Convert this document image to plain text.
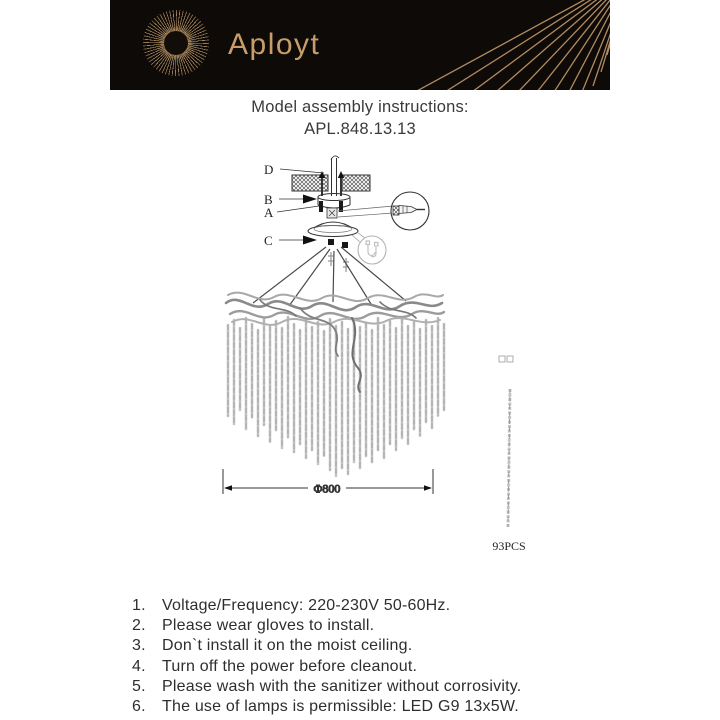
Aployt
Model assembly instructions:
APL.848.13.13
D
B
A
C
Φ800
93PCS
Voltage/Frequency: 220-230V 50-60Hz.
Please wear gloves to install.
Don`t install it on the moist ceiling.
Turn off the power before cleanout.
Please wash with the sanitizer without corrosivity.
The use of lamps is permissible: LED G9 13x5W.
